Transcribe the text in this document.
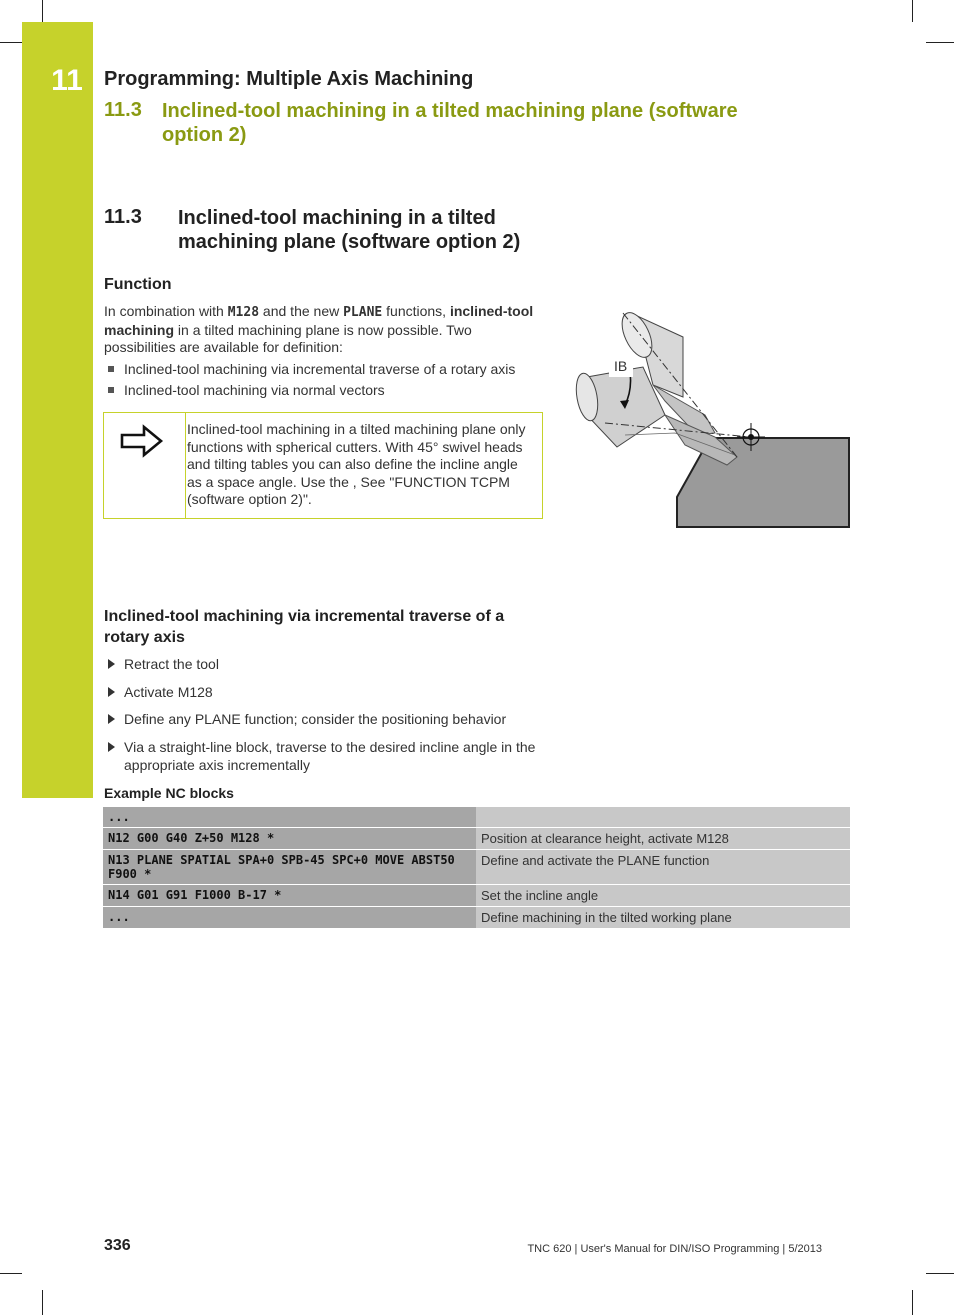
11	Programming: Multiple Axis Machining
11.3 Inclined-tool machining in a tilted machining plane (software
option 2)
11.3 Inclined-tool machining in a tilted machining plane (software option 2)
Function
In combination with M128 and the new PLANE functions, inclined-tool machining in a tilted machining plane is now possible. Two possibilities are available for definition:
Inclined-tool machining via incremental traverse of a rotary axis
Inclined-tool machining via normal vectors
Inclined-tool machining in a tilted machining plane only functions with spherical cutters. With 45° swivel heads and tilting tables you can also define the incline angle as a space angle. Use the , See "FUNCTION TCPM (software option 2)".
IB
Inclined-tool machining via incremental traverse of a rotary axis
Retract the tool
Activate M128
Define any PLANE function; consider the positioning behavior
Via a straight-line block, traverse to the desired incline angle in the appropriate axis incrementally
Example NC blocks
...	
N12 G00 G40 Z+50 M128 *	Position at clearance height, activate M128
N13 PLANE SPATIAL SPA+0 SPB-45 SPC+0 MOVE ABST50 F900 *	Define and activate the PLANE function
N14 G01 G91 F1000 B-17 *	Set the incline angle
...	Define machining in the tilted working plane
336	TNC 620 | User's Manual for DIN/ISO Programming | 5/2013
